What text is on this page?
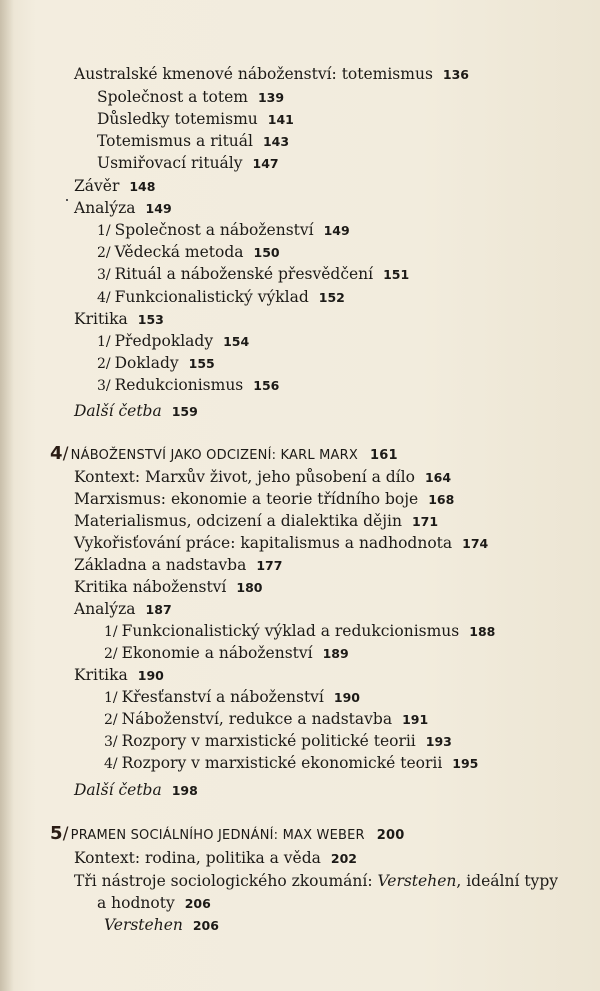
Australské kmenové náboženství: totemismus 136
Společnost a totem 139
Důsledky totemismu 141
Totemismus a rituál 143
Usmiřovací rituály 147
Závěr 148
Analýza 149
1/ Společnost a náboženství 149
2/ Vědecká metoda 150
3/ Rituál a náboženské přesvědčení 151
4/ Funkcionalistický výklad 152
Kritika 153
1/ Předpoklady 154
2/ Doklady 155
3/ Redukcionismus 156
Další četba 159
4 / NÁBOŽENSTVÍ JAKO ODCIZENÍ: KARL MARX 161
Kontext: Marxův život, jeho působení a dílo 164
Marxismus: ekonomie a teorie třídního boje 168
Materialismus, odcizení a dialektika dějin 171
Vykořisťování práce: kapitalismus a nadhodnota 174
Základna a nadstavba 177
Kritika náboženství 180
Analýza 187
1/ Funkcionalistický výklad a redukcionismus 188
2/ Ekonomie a náboženství 189
Kritika 190
1/ Křesťanství a náboženství 190
2/ Náboženství, redukce a nadstavba 191
3/ Rozpory v marxistické politické teorii 193
4/ Rozpory v marxistické ekonomické teorii 195
Další četba 198
5 / PRAMEN SOCIÁLNÍHO JEDNÁNÍ: MAX WEBER 200
Kontext: rodina, politika a věda 202
Tři nástroje sociologického zkoumání: Verstehen, ideální typy
a hodnoty 206
Verstehen 206
